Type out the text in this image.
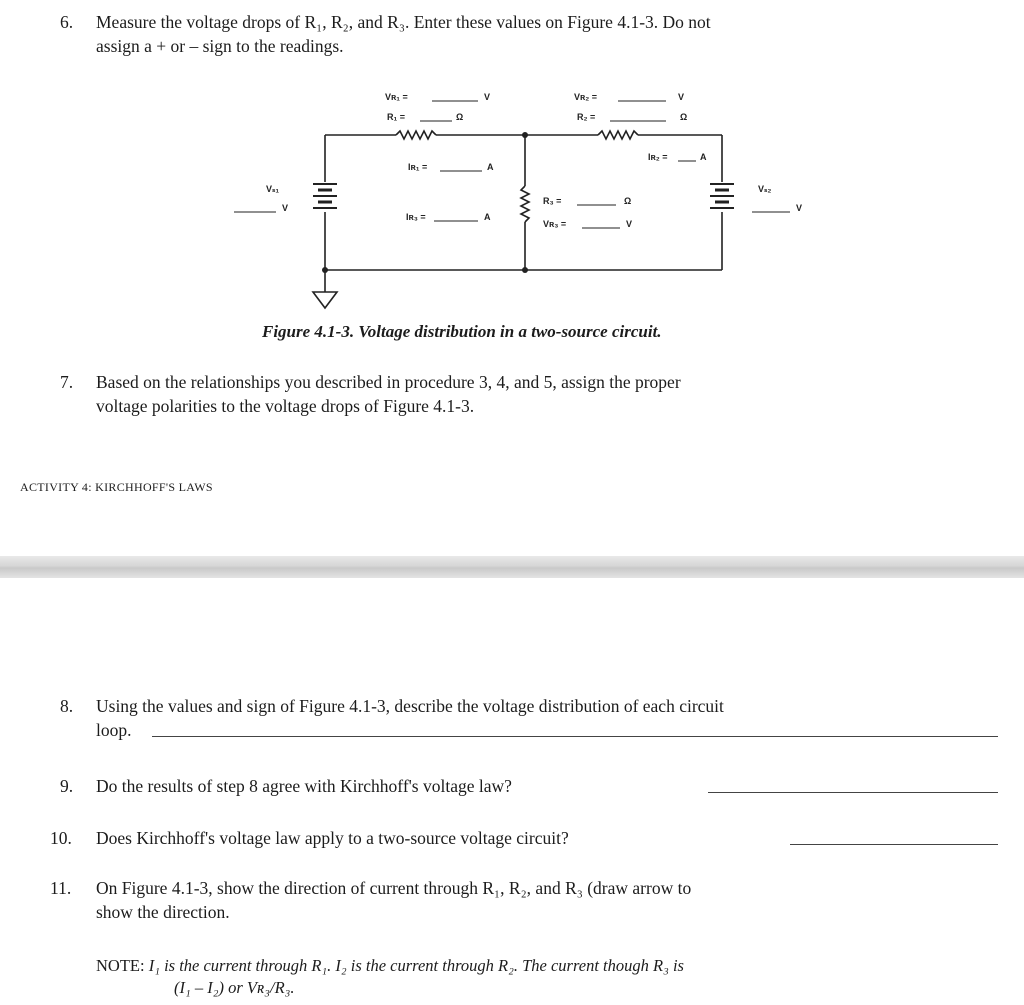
6. Measure the voltage drops of R₁, R₂, and R₃. Enter these values on Figure 4.1-3. Do not
assign a + or – sign to the readings.
Vʀ₁ =	V
R₁ =	Ω
Vʀ₂ =	V
R₂ =	Ω
Iʀ₁ =	A
Iʀ₂ =	A
Iʀ₃ =	A
R₃ =	Ω
Vʀ₃ =	V
Vₛ₁
V
Vₛ₂
V
Figure 4.1-3. Voltage distribution in a two-source circuit.
7. Based on the relationships you described in procedure 3, 4, and 5, assign the proper
voltage polarities to the voltage drops of Figure 4.1-3.
ACTIVITY 4: KIRCHHOFF'S LAWS
8. Using the values and sign of Figure 4.1-3, describe the voltage distribution of each circuit
loop.
9. Do the results of step 8 agree with Kirchhoff's voltage law?
10. Does Kirchhoff's voltage law apply to a two-source voltage circuit?
11. On Figure 4.1-3, show the direction of current through R₁, R₂, and R₃ (draw arrow to
show the direction.
NOTE: I₁ is the current through R₁. I₂ is the current through R₂. The current though R₃ is
(I₁ – I₂) or Vʀ₃/R₃.
